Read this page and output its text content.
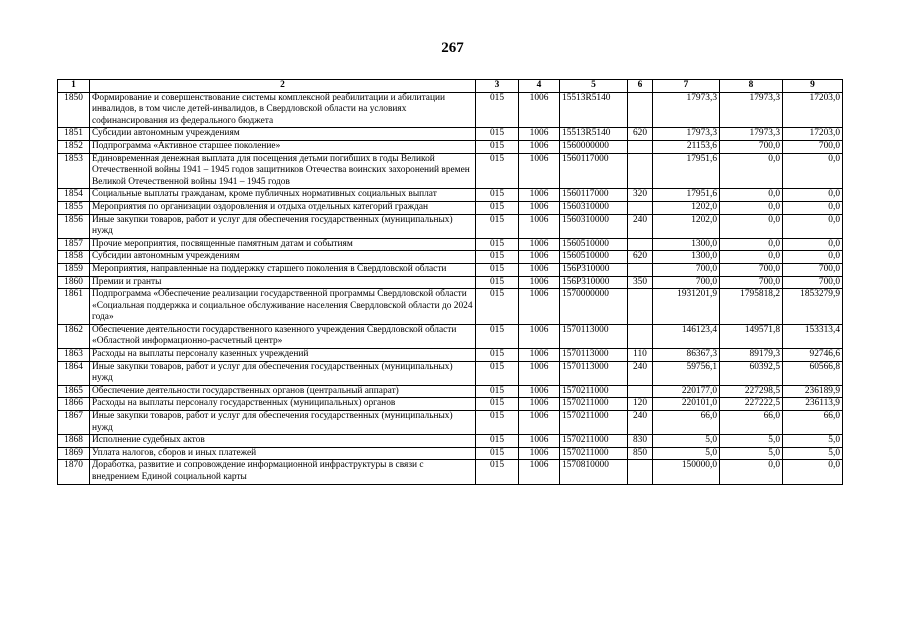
267
1	2	3	4	5	6	7	8	9
1850	Формирование и совершенствование системы комплексной реабилитации и абилитации инвалидов, в том числе детей-инвалидов, в Свердловской области на условиях софинансирования из федерального бюджета	015	1006	15513R5140		17973,3	17973,3	17203,0
1851	Субсидии автономным учреждениям	015	1006	15513R5140	620	17973,3	17973,3	17203,0
1852	Подпрограмма «Активное старшее поколение»	015	1006	1560000000		21153,6	700,0	700,0
1853	Единовременная денежная выплата для посещения детьми погибших в годы Великой Отечественной войны 1941 – 1945 годов защитников Отечества воинских захоронений времен Великой Отечественной войны 1941 – 1945 годов	015	1006	1560117000		17951,6	0,0	0,0
1854	Социальные выплаты гражданам, кроме публичных нормативных социальных выплат	015	1006	1560117000	320	17951,6	0,0	0,0
1855	Мероприятия по организации оздоровления и отдыха отдельных категорий граждан	015	1006	1560310000		1202,0	0,0	0,0
1856	Иные закупки товаров, работ и услуг для обеспечения государственных (муниципальных) нужд	015	1006	1560310000	240	1202,0	0,0	0,0
1857	Прочие мероприятия, посвященные памятным датам и событиям	015	1006	1560510000		1300,0	0,0	0,0
1858	Субсидии автономным учреждениям	015	1006	1560510000	620	1300,0	0,0	0,0
1859	Мероприятия, направленные на поддержку старшего поколения в Свердловской области	015	1006	156P310000		700,0	700,0	700,0
1860	Премии и гранты	015	1006	156P310000	350	700,0	700,0	700,0
1861	Подпрограмма «Обеспечение реализации государственной программы Свердловской области «Социальная поддержка и социальное обслуживание населения Свердловской области до 2024 года»	015	1006	1570000000		1931201,9	1795818,2	1853279,9
1862	Обеспечение деятельности государственного казенного учреждения Свердловской области «Областной информационно-расчетный центр»	015	1006	1570113000		146123,4	149571,8	153313,4
1863	Расходы на выплаты персоналу казенных учреждений	015	1006	1570113000	110	86367,3	89179,3	92746,6
1864	Иные закупки товаров, работ и услуг для обеспечения государственных (муниципальных) нужд	015	1006	1570113000	240	59756,1	60392,5	60566,8
1865	Обеспечение деятельности государственных органов (центральный аппарат)	015	1006	1570211000		220177,0	227298,5	236189,9
1866	Расходы на выплаты персоналу государственных (муниципальных) органов	015	1006	1570211000	120	220101,0	227222,5	236113,9
1867	Иные закупки товаров, работ и услуг для обеспечения государственных (муниципальных) нужд	015	1006	1570211000	240	66,0	66,0	66,0
1868	Исполнение судебных актов	015	1006	1570211000	830	5,0	5,0	5,0
1869	Уплата налогов, сборов и иных платежей	015	1006	1570211000	850	5,0	5,0	5,0
1870	Доработка, развитие и сопровождение информационной инфраструктуры в связи с внедрением Единой социальной карты	015	1006	1570810000		150000,0	0,0	0,0
